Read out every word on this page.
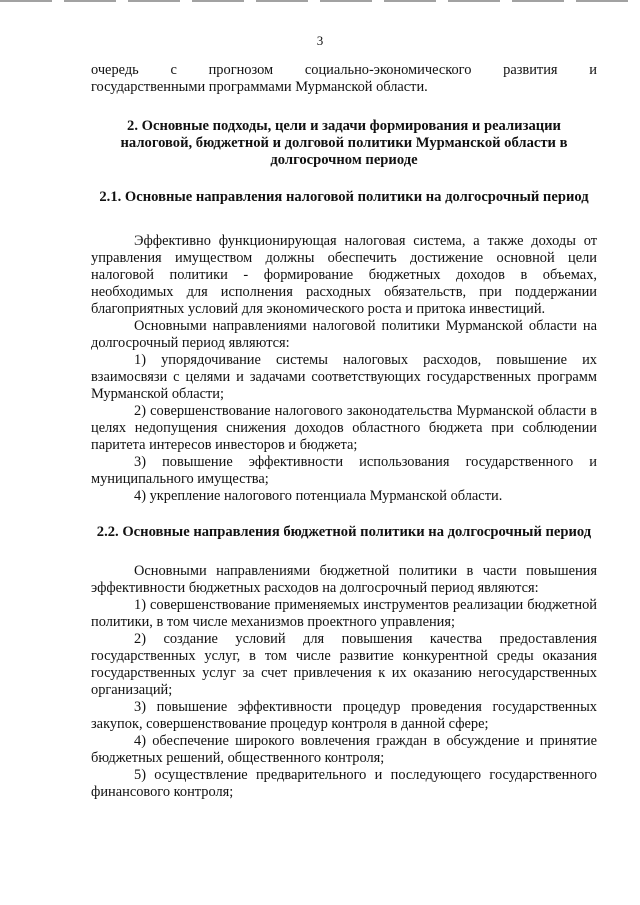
3

очередь с прогнозом социально-экономического развития и

государственными программами Мурманской области.

2. Основные подходы, цели и задачи формирования и реализации налоговой, бюджетной и долговой политики Мурманской области в долгосрочном периоде
2.1. Основные направления налоговой политики на долгосрочный период

Эффективно функционирующая налоговая система, а также доходы от управления имуществом должны обеспечить достижение основной цели налоговой политики - формирование бюджетных доходов в объемах, необходимых для исполнения расходных обязательств, при поддержании благоприятных условий для экономического роста и притока инвестиций.

Основными направлениями налоговой политики Мурманской области на долгосрочный период являются:

1) упорядочивание системы налоговых расходов, повышение их взаимосвязи с целями и задачами соответствующих государственных программ Мурманской области;

2) совершенствование налогового законодательства Мурманской области в целях недопущения снижения доходов областного бюджета при соблюдении паритета интересов инвесторов и бюджета;

3) повышение эффективности использования государственного и муниципального имущества;

4) укрепление налогового потенциала Мурманской области.

2.2. Основные направления бюджетной политики на долгосрочный период

Основными направлениями бюджетной политики в части повышения эффективности бюджетных расходов на долгосрочный период являются:

1) совершенствование применяемых инструментов реализации бюджетной политики, в том числе механизмов проектного управления;

2) создание условий для повышения качества предоставления государственных услуг, в том числе развитие конкурентной среды оказания государственных услуг за счет привлечения к их оказанию негосударственных организаций;

3) повышение эффективности процедур проведения государственных закупок, совершенствование процедур контроля в данной сфере;

4) обеспечение широкого вовлечения граждан в обсуждение и принятие бюджетных решений, общественного контроля;

5) осуществление предварительного и последующего государственного финансового контроля;
